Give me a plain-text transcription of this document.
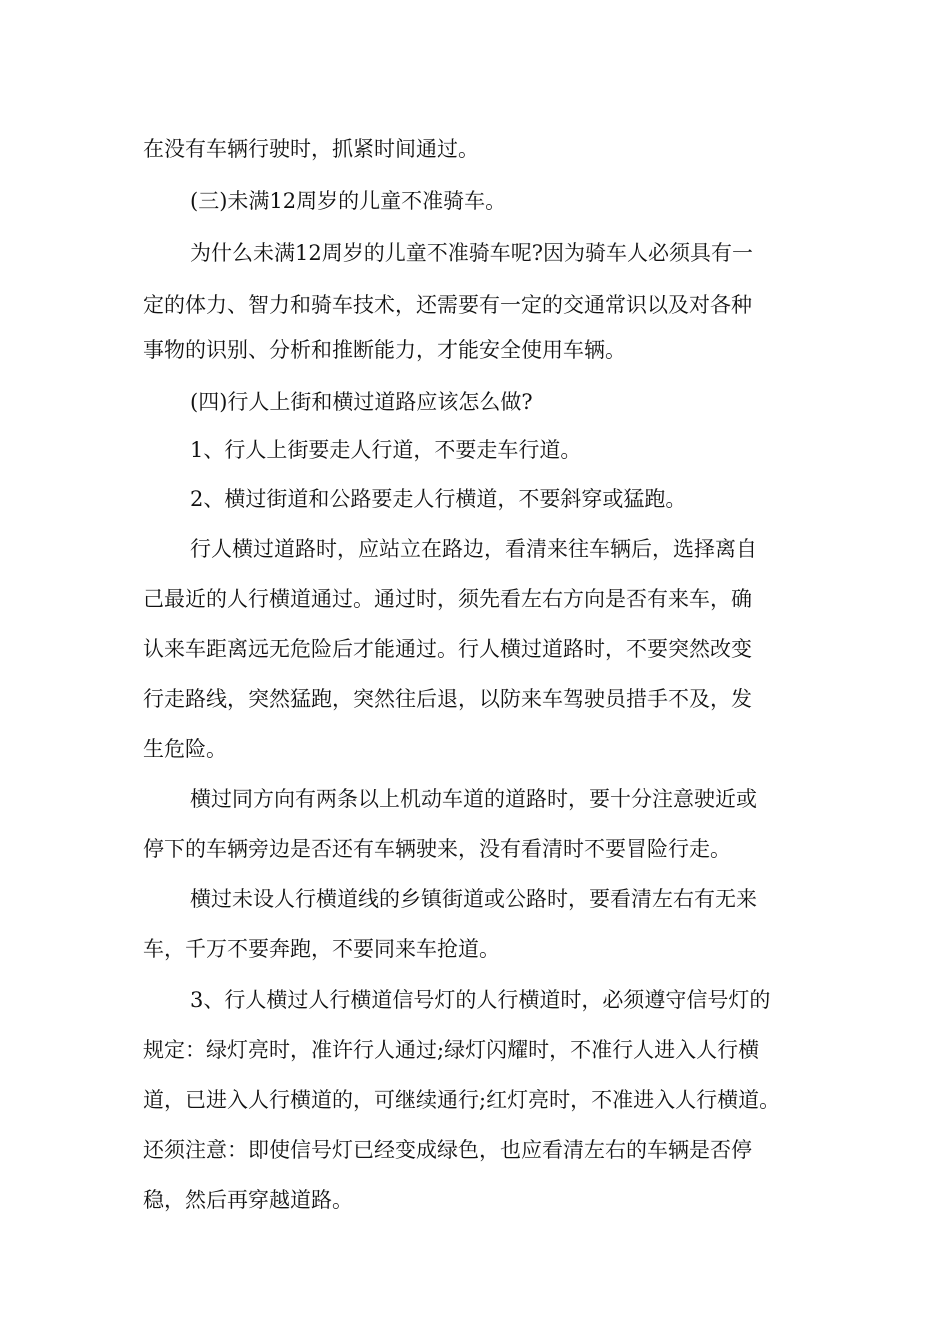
在没有车辆行驶时，抓紧时间通过。
(三)未满12周岁的儿童不准骑车。
为什么未满12周岁的儿童不准骑车呢?因为骑车人必须具有一
定的体力、智力和骑车技术，还需要有一定的交通常识以及对各种
事物的识别、分析和推断能力，才能安全使用车辆。
(四)行人上街和横过道路应该怎么做?
1、行人上街要走人行道，不要走车行道。
2、横过街道和公路要走人行横道，不要斜穿或猛跑。
行人横过道路时，应站立在路边，看清来往车辆后，选择离自
己最近的人行横道通过。通过时，须先看左右方向是否有来车，确
认来车距离远无危险后才能通过。行人横过道路时，不要突然改变
行走路线，突然猛跑，突然往后退，以防来车驾驶员措手不及，发
生危险。
横过同方向有两条以上机动车道的道路时，要十分注意驶近或
停下的车辆旁边是否还有车辆驶来，没有看清时不要冒险行走。
横过未设人行横道线的乡镇街道或公路时，要看清左右有无来
车，千万不要奔跑，不要同来车抢道。
3、行人横过人行横道信号灯的人行横道时，必须遵守信号灯的
规定：绿灯亮时，准许行人通过;绿灯闪耀时，不准行人进入人行横
道，已进入人行横道的，可继续通行;红灯亮时，不准进入人行横道。
还须注意：即使信号灯已经变成绿色，也应看清左右的车辆是否停
稳，然后再穿越道路。
